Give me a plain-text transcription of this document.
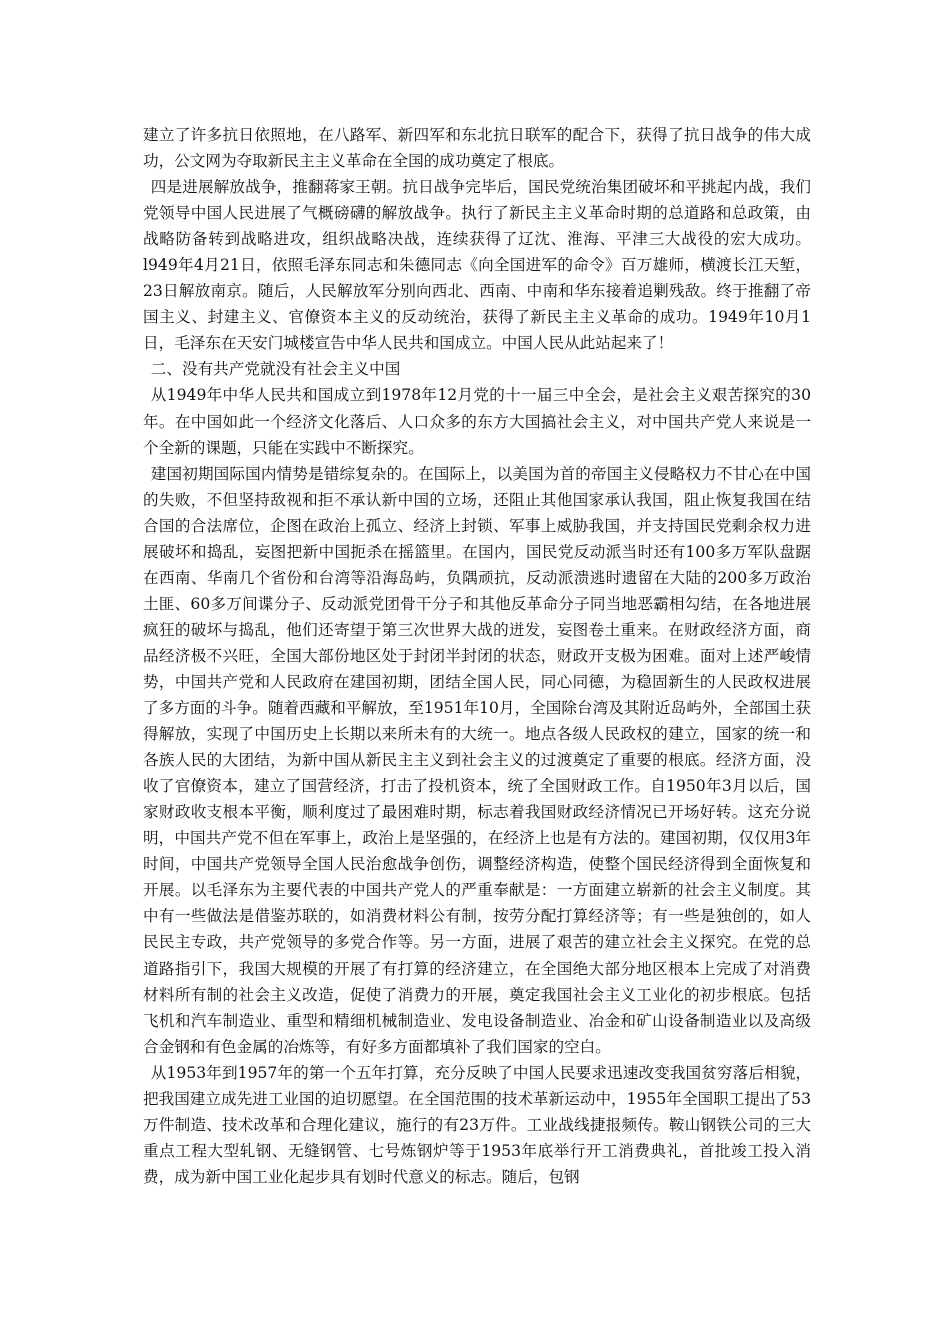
建立了许多抗日依照地，在八路军、新四军和东北抗日联军的配合下，获得了抗日战争的伟大成功，公文网为夺取新民主主义革命在全国的成功奠定了根底。

四是进展解放战争，推翻蒋家王朝。抗日战争完毕后，国民党统治集团破坏和平挑起内战，我们党领导中国人民进展了气概磅礴的解放战争。执行了新民主主义革命时期的总道路和总政策，由战略防备转到战略进攻，组织战略决战，连续获得了辽沈、淮海、平津三大战役的宏大成功。l949年4月21日，依照毛泽东同志和朱德同志《向全国进军的命令》百万雄师，横渡长江天堑，23日解放南京。随后，人民解放军分别向西北、西南、中南和华东接着追剿残敌。终于推翻了帝国主义、封建主义、官僚资本主义的反动统治，获得了新民主主义革命的成功。1949年10月1日，毛泽东在天安门城楼宣告中华人民共和国成立。中国人民从此站起来了！

二、没有共产党就没有社会主义中国

从1949年中华人民共和国成立到1978年12月党的十一届三中全会，是社会主义艰苦探究的30年。在中国如此一个经济文化落后、人口众多的东方大国搞社会主义，对中国共产党人来说是一个全新的课题，只能在实践中不断探究。

建国初期国际国内情势是错综复杂的。在国际上，以美国为首的帝国主义侵略权力不甘心在中国的失败，不但坚持敌视和拒不承认新中国的立场，还阻止其他国家承认我国，阻止恢复我国在结合国的合法席位，企图在政治上孤立、经济上封锁、军事上威胁我国，并支持国民党剩余权力进展破坏和捣乱，妄图把新中国扼杀在摇篮里。在国内，国民党反动派当时还有100多万军队盘踞在西南、华南几个省份和台湾等沿海岛屿，负隅顽抗，反动派溃逃时遗留在大陆的200多万政治土匪、60多万间谍分子、反动派党团骨干分子和其他反革命分子同当地恶霸相勾结，在各地进展疯狂的破坏与捣乱，他们还寄望于第三次世界大战的迸发，妄图卷土重来。在财政经济方面，商品经济极不兴旺，全国大部份地区处于封闭半封闭的状态，财政开支极为困难。面对上述严峻情势，中国共产党和人民政府在建国初期，团结全国人民，同心同德，为稳固新生的人民政权进展了多方面的斗争。随着西藏和平解放，至1951年10月，全国除台湾及其附近岛屿外，全部国土获得解放，实现了中国历史上长期以来所未有的大统一。地点各级人民政权的建立，国家的统一和各族人民的大团结，为新中国从新民主主义到社会主义的过渡奠定了重要的根底。经济方面，没收了官僚资本，建立了国营经济，打击了投机资本，统了全国财政工作。自1950年3月以后，国家财政收支根本平衡，顺利度过了最困难时期，标志着我国财政经济情况已开场好转。这充分说明，中国共产党不但在军事上，政治上是坚强的，在经济上也是有方法的。建国初期，仅仅用3年时间，中国共产党领导全国人民治愈战争创伤，调整经济构造，使整个国民经济得到全面恢复和开展。以毛泽东为主要代表的中国共产党人的严重奉献是：一方面建立崭新的社会主义制度。其中有一些做法是借鉴苏联的，如消费材料公有制，按劳分配打算经济等；有一些是独创的，如人民民主专政，共产党领导的多党合作等。另一方面，进展了艰苦的建立社会主义探究。在党的总道路指引下，我国大规模的开展了有打算的经济建立，在全国绝大部分地区根本上完成了对消费材料所有制的社会主义改造，促使了消费力的开展，奠定我国社会主义工业化的初步根底。包括飞机和汽车制造业、重型和精细机械制造业、发电设备制造业、冶金和矿山设备制造业以及高级合金钢和有色金属的冶炼等，有好多方面都填补了我们国家的空白。

从1953年到1957年的第一个五年打算，充分反映了中国人民要求迅速改变我国贫穷落后相貌，把我国建立成先进工业国的迫切愿望。在全国范围的技术革新运动中，1955年全国职工提出了53万件制造、技术改革和合理化建议，施行的有23万件。工业战线捷报频传。鞍山钢铁公司的三大重点工程大型轧钢、无缝钢管、七号炼钢炉等于1953年底举行开工消费典礼，首批竣工投入消费，成为新中国工业化起步具有划时代意义的标志。随后，包钢
